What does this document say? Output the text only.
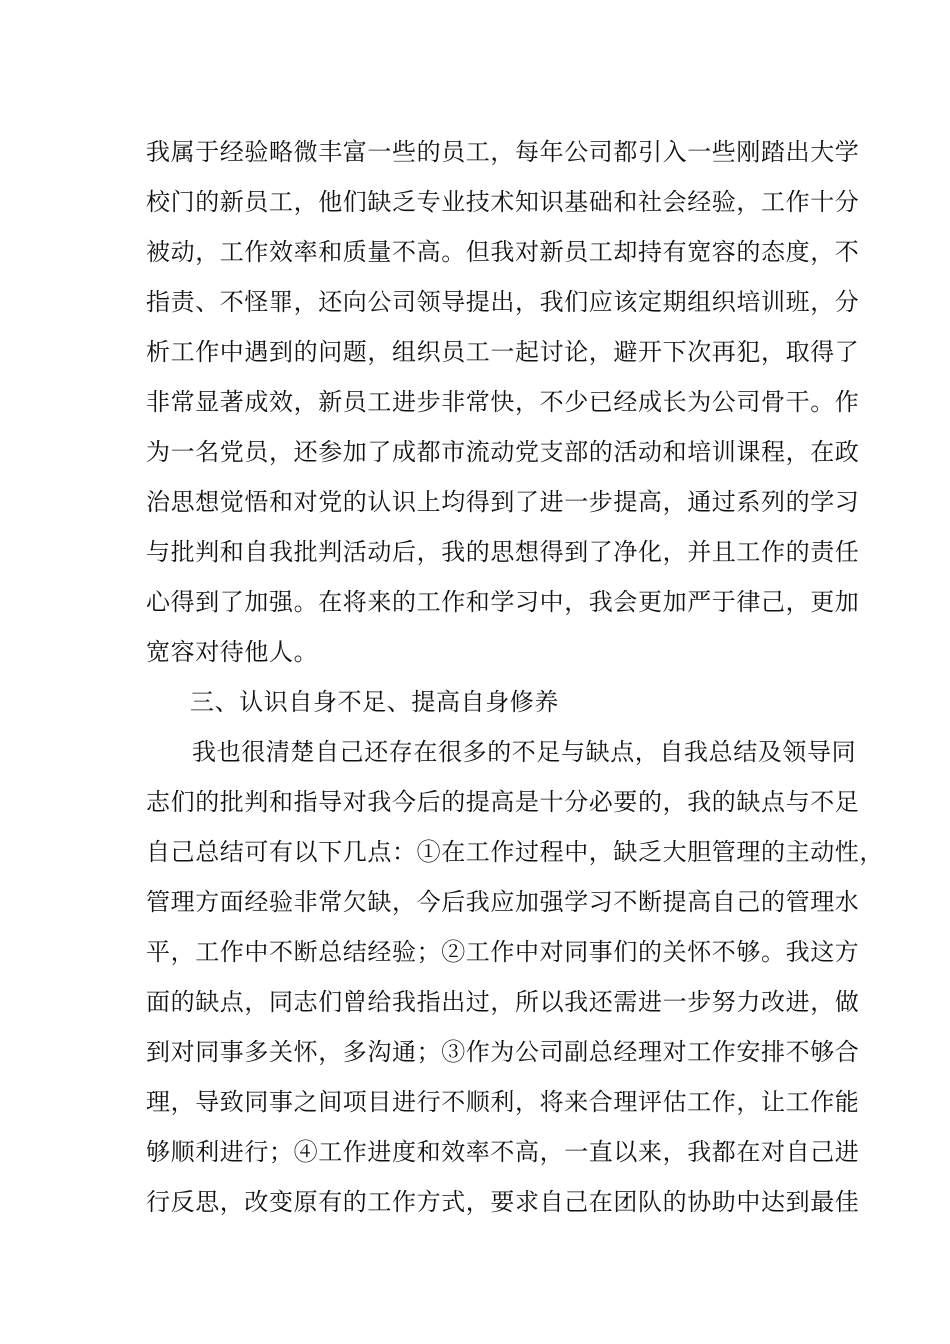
我属于经验略微丰富一些的员工，每年公司都引入一些刚踏出大学
校门的新员工，他们缺乏专业技术知识基础和社会经验，工作十分
被动，工作效率和质量不高。但我对新员工却持有宽容的态度，不
指责、不怪罪，还向公司领导提出，我们应该定期组织培训班，分
析工作中遇到的问题，组织员工一起讨论，避开下次再犯，取得了
非常显著成效，新员工进步非常快，不少已经成长为公司骨干。作
为一名党员，还参加了成都市流动党支部的活动和培训课程，在政
治思想觉悟和对党的认识上均得到了进一步提高，通过系列的学习
与批判和自我批判活动后，我的思想得到了净化，并且工作的责任
心得到了加强。在将来的工作和学习中，我会更加严于律己，更加
宽容对待他人。
三、认识自身不足、提高自身修养
我也很清楚自己还存在很多的不足与缺点，自我总结及领导同
志们的批判和指导对我今后的提高是十分必要的，我的缺点与不足
自己总结可有以下几点：①在工作过程中，缺乏大胆管理的主动性，
管理方面经验非常欠缺，今后我应加强学习不断提高自己的管理水
平，工作中不断总结经验；②工作中对同事们的关怀不够。我这方
面的缺点，同志们曾给我指出过，所以我还需进一步努力改进，做
到对同事多关怀，多沟通；③作为公司副总经理对工作安排不够合
理，导致同事之间项目进行不顺利，将来合理评估工作，让工作能
够顺利进行；④工作进度和效率不高，一直以来，我都在对自己进
行反思，改变原有的工作方式，要求自己在团队的协助中达到最佳
